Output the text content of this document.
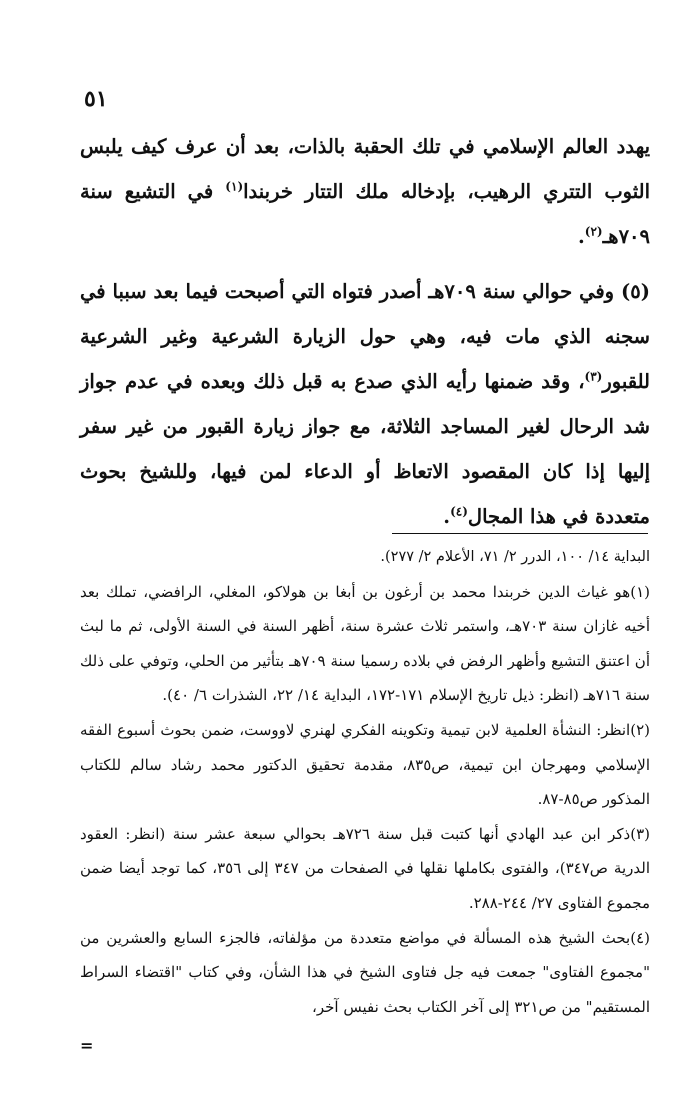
٥١

يهدد العالم الإسلامي في تلك الحقبة بالذات، بعد أن عرف كيف يلبس الثوب التتري الرهيب، بإدخاله ملك التتار خربندا$^{(١)}$ في التشيع سنة ٧٠٩هـ$^{(٢)}$.

(٥) وفي حوالي سنة ٧٠٩هـ أصدر فتواه التي أصبحت فيما بعد سببا في سجنه الذي مات فيه، وهي حول الزيارة الشرعية وغير الشرعية للقبور$^{(٣)}$، وقد ضمنها رأيه الذي صدع به قبل ذلك وبعده في عدم جواز شد الرحال لغير المساجد الثلاثة، مع جواز زيارة القبور من غير سفر إليها إذا كان المقصود الاتعاظ أو الدعاء لمن فيها، وللشيخ بحوث متعددة في هذا المجال$^{(٤)}$.

البداية ١٤/ ١٠٠، الدرر ٢/ ٧١، الأعلام ٢/ ٢٧٧).

(١)هو غياث الدين خربندا محمد بن أرغون بن أبغا بن هولاكو، المغلي، الرافضي، تملك بعد أخيه غازان سنة ٧٠٣هـ، واستمر ثلاث عشرة سنة، أظهر السنة في السنة الأولى، ثم ما لبث أن اعتنق التشيع وأظهر الرفض في بلاده رسميا سنة ٧٠٩هـ بتأثير من الحلي، وتوفي على ذلك سنة ٧١٦هـ (انظر: ذيل تاريخ الإسلام ١٧١-١٧٢، البداية ١٤/ ٢٢، الشذرات ٦/ ٤٠).

(٢)انظر: النشأة العلمية لابن تيمية وتكوينه الفكري لهنري لاووست، ضمن بحوث أسبوع الفقه الإسلامي ومهرجان ابن تيمية، ص٨٣٥، مقدمة تحقيق الدكتور محمد رشاد سالم للكتاب المذكور ص٨٥-٨٧.

(٣)ذكر ابن عبد الهادي أنها كتبت قبل سنة ٧٢٦هـ بحوالي سبعة عشر سنة (انظر: العقود الدرية ص٣٤٧)، والفتوى بكاملها نقلها في الصفحات من ٣٤٧ إلى ٣٥٦، كما توجد أيضا ضمن مجموع الفتاوى ٢٧/ ٢٤٤-٢٨٨.

(٤)بحث الشيخ هذه المسألة في مواضع متعددة من مؤلفاته، فالجزء السابع والعشرين من "مجموع الفتاوى" جمعت فيه جل فتاوى الشيخ في هذا الشأن، وفي كتاب "اقتضاء السراط المستقيم" من ص٣٢١ إلى آخر الكتاب بحث نفيس آخر،

=
